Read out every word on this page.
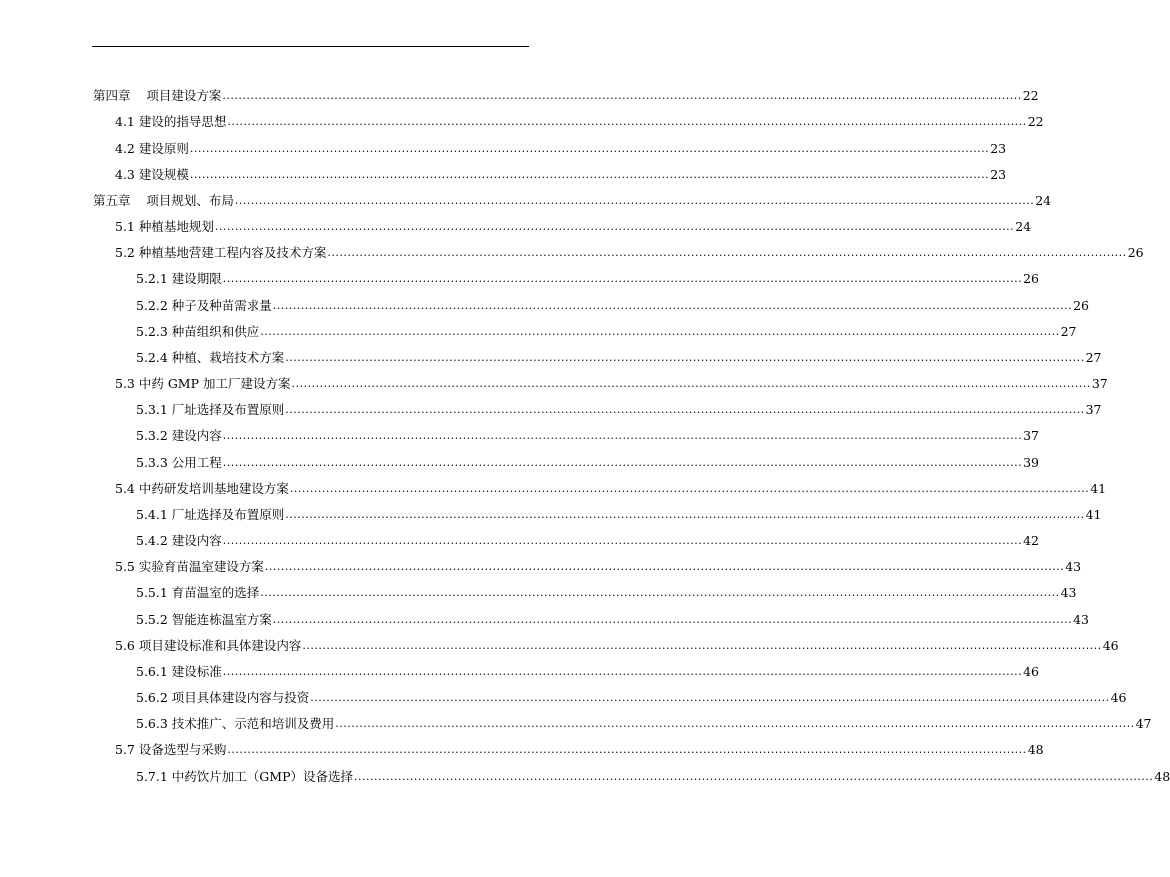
第四章    项目建设方案 ........................................................................................................................................................................................................ 22
4.1 建设的指导思想 ........................................................................................................................................................................................................ 22
4.2 建设原则 ........................................................................................................................................................................................................ 23
4.3 建设规模 ........................................................................................................................................................................................................ 23
第五章    项目规划、布局 ........................................................................................................................................................................................................ 24
5.1 种植基地规划 ........................................................................................................................................................................................................ 24
5.2 种植基地营建工程内容及技术方案 ........................................................................................................................................................................................................ 26
5.2.1 建设期限 ........................................................................................................................................................................................................ 26
5.2.2 种子及种苗需求量 ........................................................................................................................................................................................................ 26
5.2.3 种苗组织和供应 ........................................................................................................................................................................................................ 27
5.2.4 种植、栽培技术方案 ........................................................................................................................................................................................................ 27
5.3 中药 GMP 加工厂建设方案 ........................................................................................................................................................................................................ 37
5.3.1 厂址选择及布置原则 ........................................................................................................................................................................................................ 37
5.3.2 建设内容 ........................................................................................................................................................................................................ 37
5.3.3 公用工程 ........................................................................................................................................................................................................ 39
5.4 中药研发培训基地建设方案 ........................................................................................................................................................................................................ 41
5.4.1 厂址选择及布置原则 ........................................................................................................................................................................................................ 41
5.4.2 建设内容 ........................................................................................................................................................................................................ 42
5.5 实验育苗温室建设方案 ........................................................................................................................................................................................................ 43
5.5.1 育苗温室的选择 ........................................................................................................................................................................................................ 43
5.5.2 智能连栋温室方案 ........................................................................................................................................................................................................ 43
5.6 项目建设标准和具体建设内容 ........................................................................................................................................................................................................ 46
5.6.1 建设标准 ........................................................................................................................................................................................................ 46
5.6.2 项目具体建设内容与投资 ........................................................................................................................................................................................................ 46
5.6.3 技术推广、示范和培训及费用 ........................................................................................................................................................................................................ 47
5.7 设备选型与采购 ........................................................................................................................................................................................................ 48
5.7.1 中药饮片加工（GMP）设备选择 ........................................................................................................................................................................................................ 48
